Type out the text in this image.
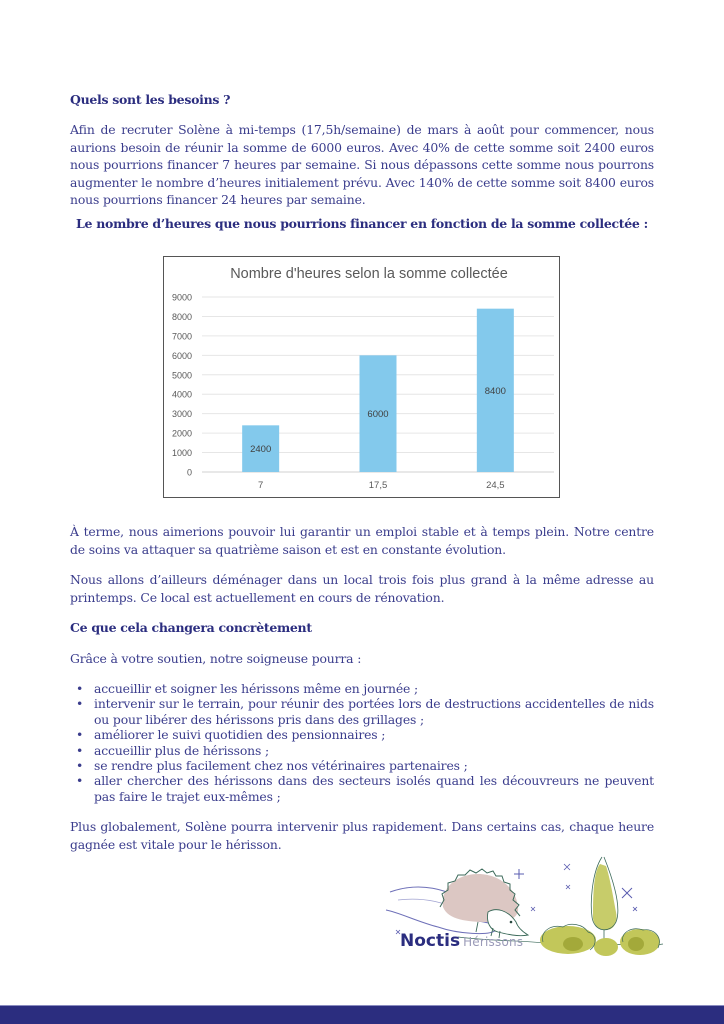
Quels sont les besoins ?
Afin de recruter Solène à mi-temps (17,5h/semaine) de mars à août pour commencer, nous aurions besoin de réunir la somme de 6000 euros. Avec 40% de cette somme soit 2400 euros nous pourrions financer 7 heures par semaine. Si nous dépassons cette somme nous pourrons augmenter le nombre d’heures initialement prévu. Avec 140% de cette somme soit 8400 euros nous pourrions financer 24 heures par semaine.
Le nombre d’heures que nous pourrions financer en fonction de la somme collectée :
Nombre d'heures selon la somme collectée
0
1000
2000
3000
4000
5000
6000
7000
8000
9000
2400
6000
8400
7	17,5	24,5
À terme, nous aimerions pouvoir lui garantir un emploi stable et à temps plein. Notre centre de soins va attaquer sa quatrième saison et est en constante évolution.
Nous allons d’ailleurs déménager dans un local trois fois plus grand à la même adresse au printemps. Ce local est actuellement en cours de rénovation.
Ce que cela changera concrètement
Grâce à votre soutien, notre soigneuse pourra :
• accueillir et soigner les hérissons même en journée ;
• intervenir sur le terrain, pour réunir des portées lors de destructions accidentelles de nids ou pour libérer des hérissons pris dans des grillages ;
• améliorer le suivi quotidien des pensionnaires ;
• accueillir plus de hérissons ;
• se rendre plus facilement chez nos vétérinaires partenaires ;
• aller chercher des hérissons dans des secteurs isolés quand les découvreurs ne peuvent pas faire le trajet eux-mêmes ;
Plus globalement, Solène pourra intervenir plus rapidement. Dans certains cas, chaque heure gagnée est vitale pour le hérisson.
Noctis Hérissons
